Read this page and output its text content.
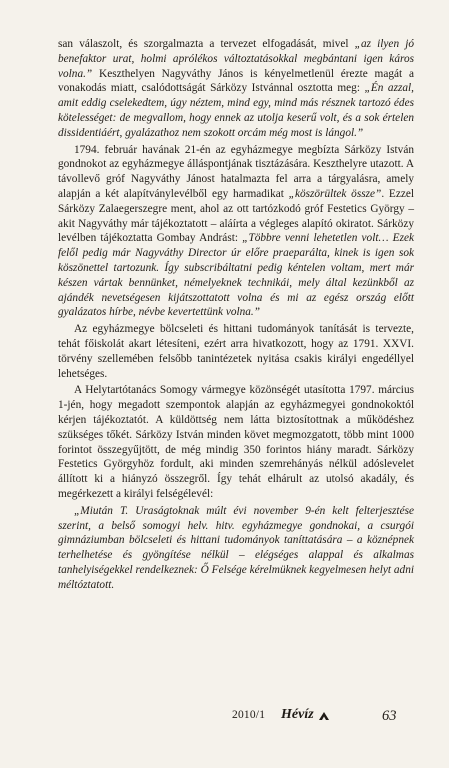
san válaszolt, és szorgalmazta a tervezet elfogadását, mivel „az ilyen jó benefaktor urat, holmi aprólékos változtatásokkal megbántani igen káros volna.” Keszthelyen Nagyváthy János is kényelmetlenül érezte magát a vonakodás miatt, csalódottságát Sárközy Istvánnal osztotta meg: „Én azzal, amit eddig cselekedtem, úgy néztem, mind egy, mind más résznek tartozó édes kötelességet: de megvallom, hogy ennek az utolja keserű volt, és a sok értelen dissidentiáért, gyalázathoz nem szokott orcám még most is lángol.”

1794. február havának 21-én az egyházmegye megbízta Sárközy István gondnokot az egyházmegye álláspontjának tisztázására. Keszthelyre utazott. A távollevő gróf Nagyváthy Jánost hatalmazta fel arra a tárgyalásra, amely alapján a két alapítványlevélből egy harmadikat „köszörültek össze”. Ezzel Sárközy Zalaegerszegre ment, ahol az ott tartózkodó gróf Festetics György – akit Nagyváthy már tájékoztatott – aláírta a végleges alapító okiratot. Sárközy levélben tájékoztatta Gombay Andrást: „Többre venni lehetetlen volt… Ezek felől pedig már Nagyváthy Director úr előre praeparálta, kinek is igen sok köszönettel tartozunk. Így subscribáltatni pedig kéntelen voltam, mert már készen vártak bennünket, némelyeknek technikái, mely által kezünkből az ajándék nevetségesen kijátszottatott volna és mi az egész ország előtt gyalázatos hírbe, névbe kevertettünk volna.”

Az egyházmegye bölcseleti és hittani tudományok tanítását is tervezte, tehát főiskolát akart létesíteni, ezért arra hivatkozott, hogy az 1791. XXVI. törvény szellemében felsőbb tanintézetek nyitása csakis királyi engedéllyel lehetséges.

A Helytartótanács Somogy vármegye közönségét utasította 1797. március 1-jén, hogy megadott szempontok alapján az egyházmegyei gondnokoktól kérjen tájékoztatót. A küldöttség nem látta biztosítottnak a működéshez szükséges tőkét. Sárközy István minden követ megmozgatott, több mint 1000 forintot összegyűjtött, de még mindig 350 forintos hiány maradt. Sárközy Festetics Györgyhöz fordult, aki minden szemrehányás nélkül adóslevelet állított ki a hiányzó összegről. Így tehát elhárult az utolsó akadály, és megérkezett a királyi felségélevél:

„Miután T. Uraságtoknak múlt évi november 9-én kelt felterjesztése szerint, a belső somogyi helv. hitv. egyházmegye gondnokai, a csurgói gimnáziumban bölcseleti és hittani tudományok taníttatására – a köznépnek terhelhetése és gyöngítése nélkül – elégséges alappal és alkalmas tanhelyiségekkel rendelkeznek: Ő Felsége kérelmüknek kegyelmesen helyt adni méltóztatott.

2010/1 Hévíz	63
